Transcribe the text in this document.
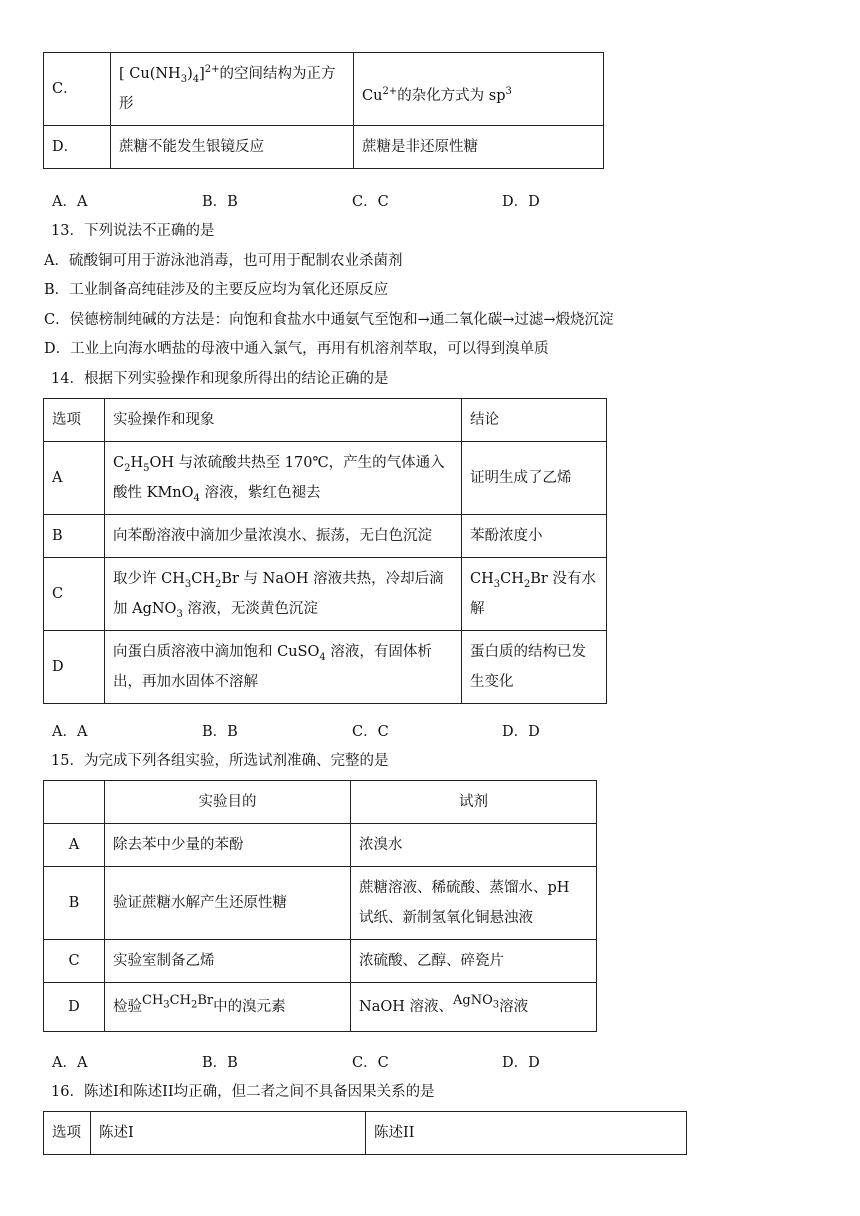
C．	[ $Cu(NH_3)_4]^{2+}$的空间结构为正方形	$Cu^{2+}$的杂化方式为 $sp^3$
D．	蔗糖不能发生银镜反应	蔗糖是非还原性糖
A．A	B．B	C．C	D．D
13．下列说法不正确的是
A．硫酸铜可用于游泳池消毒，也可用于配制农业杀菌剂
B．工业制备高纯硅涉及的主要反应均为氧化还原反应
C．侯德榜制纯碱的方法是：向饱和食盐水中通氨气至饱和→通二氧化碳→过滤→煅烧沉淀
D．工业上向海水晒盐的母液中通入氯气，再用有机溶剂萃取，可以得到溴单质
14．根据下列实验操作和现象所得出的结论正确的是
选项	实验操作和现象	结论
A	$C_2H_5OH$ 与浓硫酸共热至 170℃，产生的气体通入酸性 KMnO$_4$ 溶液，紫红色褪去	证明生成了乙烯
B	向苯酚溶液中滴加少量浓溴水、振荡，无白色沉淀	苯酚浓度小
C	取少许 $CH_3CH_2Br$ 与 NaOH 溶液共热，冷却后滴加 AgNO$_3$ 溶液，无淡黄色沉淀	$CH_3CH_2Br$ 没有水解
D	向蛋白质溶液中滴加饱和 CuSO$_4$ 溶液，有固体析出，再加水固体不溶解	蛋白质的结构已发生变化
A．A	B．B	C．C	D．D
15．为完成下列各组实验，所选试剂准确、完整的是
	实验目的	试剂
A	除去苯中少量的苯酚	浓溴水
B	验证蔗糖水解产生还原性糖	蔗糖溶液、稀硫酸、蒸馏水、pH 试纸、新制氢氧化铜悬浊液
C	实验室制备乙烯	浓硫酸、乙醇、碎瓷片
D	检验$CH_3CH_2Br$中的溴元素	NaOH 溶液、AgNO$_3$溶液
A．A	B．B	C．C	D．D
16．陈述I和陈述II均正确，但二者之间不具备因果关系的是
选项	陈述I	陈述II
